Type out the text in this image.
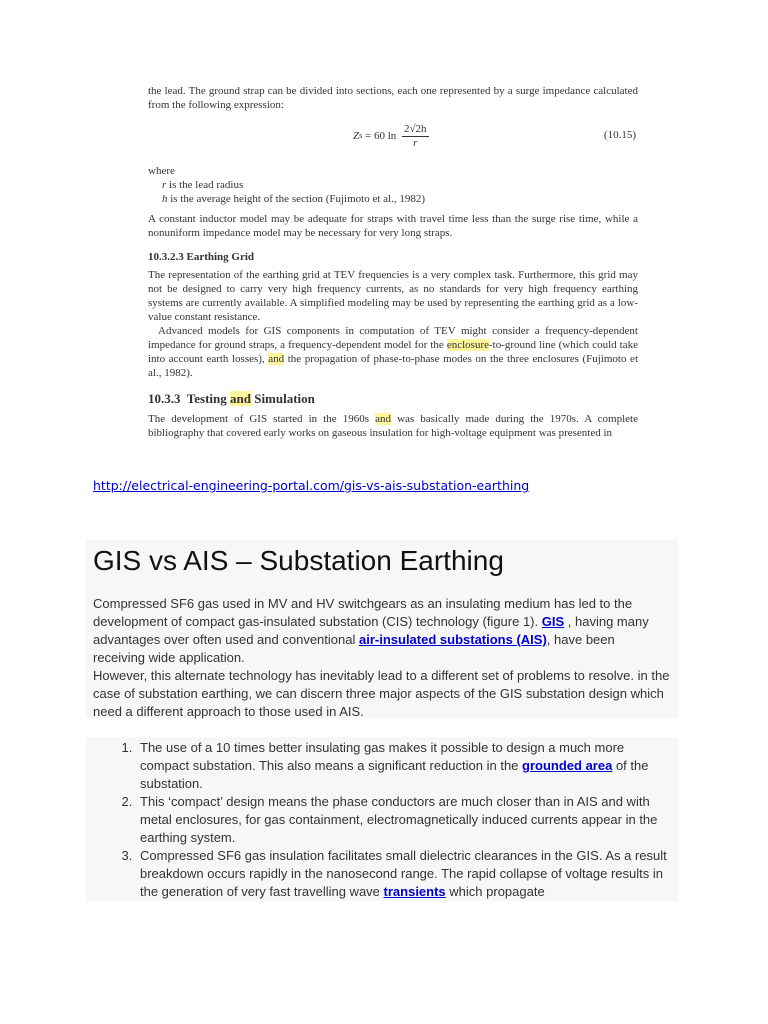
the lead. The ground strap can be divided into sections, each one represented by a surge impedance calculated from the following expression:

Z s = 60 $\ln \frac{2√2h}{r}$	(10.15)
where
r is the lead radius
h is the average height of the section (Fujimoto et al., 1982)

A constant inductor model may be adequate for straps with travel time less than the surge rise time, while a nonuniform impedance model may be necessary for very long straps.

10.3.2.3 Earthing Grid

The representation of the earthing grid at TEV frequencies is a very complex task. Furthermore, this grid may not be designed to carry very high frequency currents, as no standards for very high frequency earthing systems are currently available. A simplified modeling may be used by representing the earthing grid as a low-value constant resistance.

Advanced models for GIS components in computation of TEV might consider a frequency-dependent impedance for ground straps, a frequency-dependent model for the enclosure-to-ground line (which could take into account earth losses), and the propagation of phase-to-phase modes on the three enclosures (Fujimoto et al., 1982).

10.3.3  Testing and Simulation

The development of GIS started in the 1960s and was basically made during the 1970s. A complete bibliography that covered early works on gaseous insulation for high-voltage equipment was presented in

http://electrical-engineering-portal.com/gis-vs-ais-substation-earthing
GIS vs AIS – Substation Earthing

Compressed SF6 gas used in MV and HV switchgears as an insulating medium has led to the development of compact gas-insulated substation (CIS) technology (figure 1). GIS , having many advantages over often used and conventional air-insulated substations (AIS), have been receiving wide application.
However, this alternate technology has inevitably lead to a different set of problems to resolve. in the case of substation earthing, we can discern three major aspects of the GIS substation design which need a different approach to those used in AIS.

1. The use of a 10 times better insulating gas makes it possible to design a much more compact substation. This also means a significant reduction in the grounded area of the substation.
2. This ‘compact’ design means the phase conductors are much closer than in AIS and with metal enclosures, for gas containment, electromagnetically induced currents appear in the earthing system.
3. Compressed SF6 gas insulation facilitates small dielectric clearances in the GIS. As a result breakdown occurs rapidly in the nanosecond range. The rapid collapse of voltage results in the generation of very fast travelling wave transients which propagate
